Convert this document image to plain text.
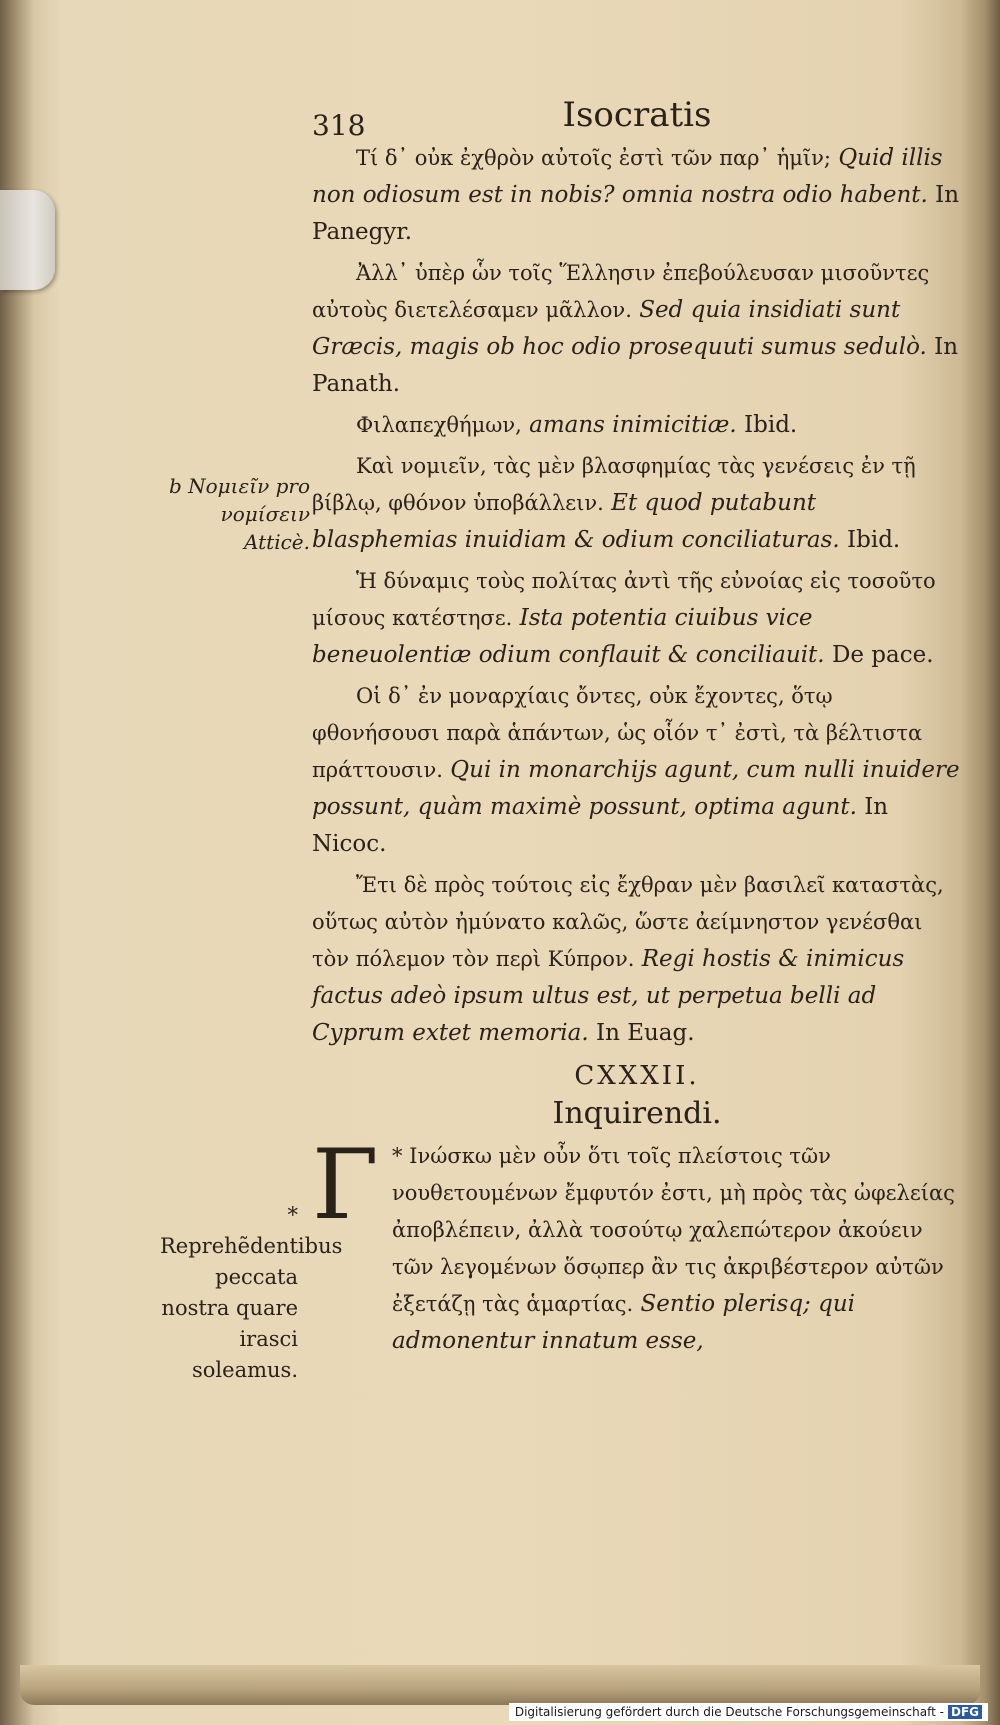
318	Isocratis
b Νομιεῖν pro νομίσειν Atticè.
* Reprehẽdentibus peccata nostra quare irasci soleamus.

Τί δ᾽ οὐκ ἐχθρὸν αὐτοῖς ἐστὶ τῶν παρ᾽ ἡμῖν; Quid illis non odiosum est in nobis? omnia nostra odio habent. In Panegyr.

Ἀλλ᾽ ὑπὲρ ὧν τοῖς Ἕλλησιν ἐπεβούλευσαν μισοῦντες αὐτοὺς διετελέσαμεν μᾶλλον. Sed quia insidiati sunt Græcis, magis ob hoc odio prosequuti sumus sedulò. In Panath.

Φιλαπεχθήμων, amans inimicitiæ. Ibid.

Καὶ νομιεῖν, τὰς μὲν βλασφημίας τὰς γενέσεις ἐν τῇ βίβλῳ, φθόνον ὑποβάλλειν. Et quod putabunt blasphemias inuidiam & odium conciliaturas. Ibid.

Ἡ δύναμις τοὺς πολίτας ἀντὶ τῆς εὐνοίας εἰς τοσοῦτο μίσους κατέστησε. Ista potentia ciuibus vice beneuolentiæ odium conflauit & conciliauit. De pace.

Οἱ δ᾽ ἐν μοναρχίαις ὄντες, οὐκ ἔχοντες, ὅτῳ φθονήσουσι παρὰ ἁπάντων, ὡς οἷόν τ᾽ ἐστὶ, τὰ βέλτιστα πράττουσιν. Qui in monarchijs agunt, cum nulli inuidere possunt, quàm maximè possunt, optima agunt. In Nicoc.

Ἔτι δὲ πρὸς τούτοις εἰς ἔχθραν μὲν βασιλεῖ καταστὰς, οὕτως αὐτὸν ἠμύνατο καλῶς, ὥστε ἀείμνηστον γενέσθαι τὸν πόλεμον τὸν περὶ Κύπρον. Regi hostis & inimicus factus adeò ipsum ultus est, ut perpetua belli ad Cyprum extet memoria. In Euag.

CXXXII.
Inquirendi.

Γ * Ινώσκω μὲν οὖν ὅτι τοῖς πλείστοις τῶν νουθετουμένων ἔμφυτόν ἐστι, μὴ πρὸς τὰς ὠφελείας ἀποβλέπειν, ἀλλὰ τοσούτῳ χαλεπώτερον ἀκούειν τῶν λεγομένων ὅσῳπερ ἂν τις ἀκριβέστερον αὐτῶν ἐξετάζῃ τὰς ἁμαρτίας. Sentio plerisq; qui admonentur innatum esse,

Digitalisierung gefördert durch die Deutsche Forschungsgemeinschaft - DFG
